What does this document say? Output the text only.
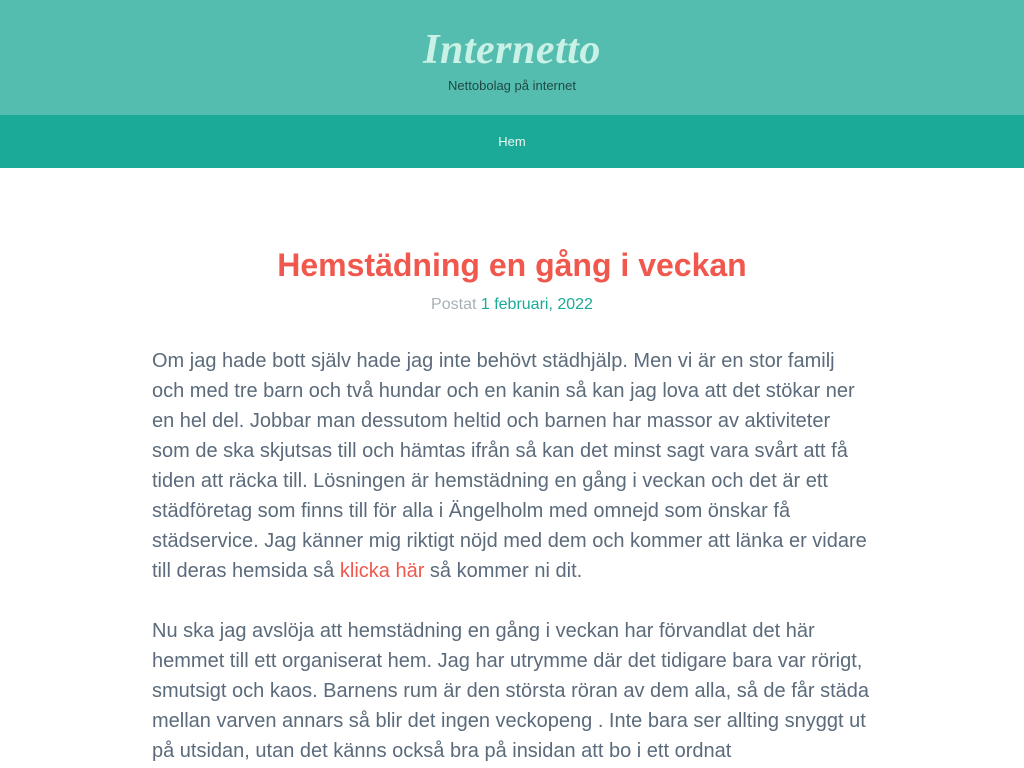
Internetto

Nettobolag på internet

Hem
Hemstädning en gång i veckan

Postat 1 februari, 2022

Om jag hade bott själv hade jag inte behövt städhjälp. Men vi är en stor familj och med tre barn och två hundar och en kanin så kan jag lova att det stökar ner en hel del. Jobbar man dessutom heltid och barnen har massor av aktiviteter som de ska skjutsas till och hämtas ifrån så kan det minst sagt vara svårt att få tiden att räcka till. Lösningen är hemstädning en gång i veckan och det är ett städföretag som finns till för alla i Ängelholm med omnejd som önskar få städservice. Jag känner mig riktigt nöjd med dem och kommer att länka er vidare till deras hemsida så klicka här så kommer ni dit.

Nu ska jag avslöja att hemstädning en gång i veckan har förvandlat det här hemmet till ett organiserat hem. Jag har utrymme där det tidigare bara var rörigt, smutsigt och kaos. Barnens rum är den största röran av dem alla, så de får städa mellan varven annars så blir det ingen veckopeng . Inte bara ser allting snyggt ut på utsidan, utan det känns också bra på insidan att bo i ett ordnat
